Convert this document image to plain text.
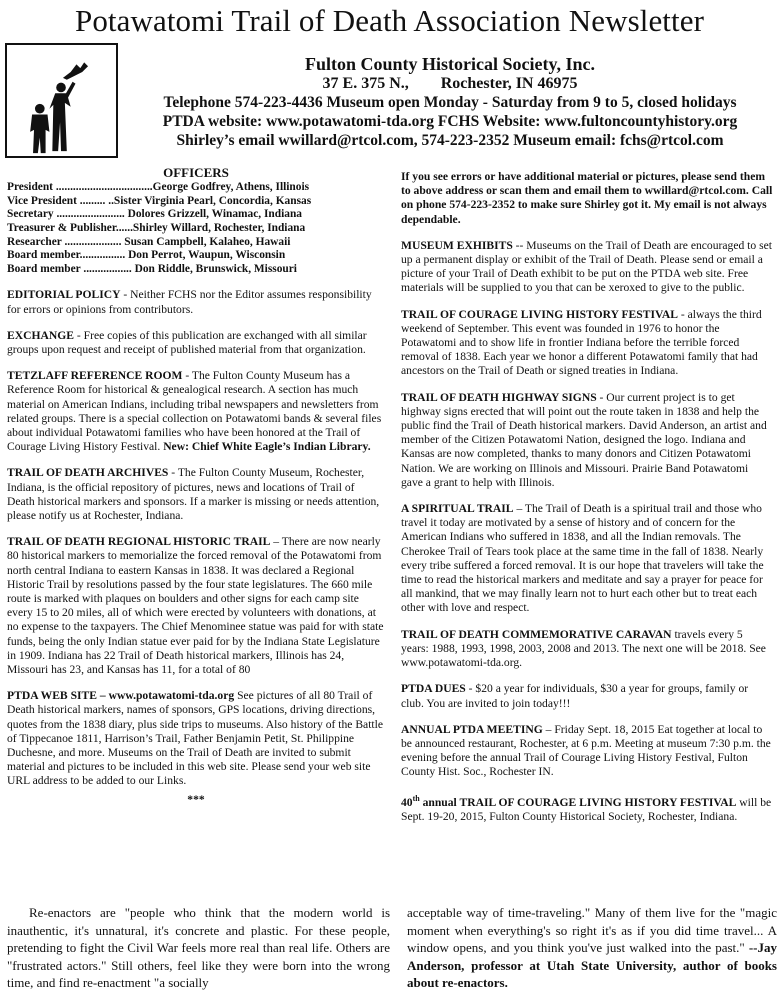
Potawatomi Trail of Death Association Newsletter
Fulton County Historical Society, Inc.
37 E. 375 N.,        Rochester, IN 46975
Telephone 574-223-4436 Museum open Monday - Saturday from 9 to 5, closed holidays
PTDA website: www.potawatomi-tda.org FCHS Website: www.fultoncountyhistory.org
Shirley’s email wwillard@rtcol.com, 574-223-2352 Museum email: fchs@rtcol.com
OFFICERS
President ..................................George Godfrey, Athens, Illinois
Vice President ......... ..Sister Virginia Pearl, Concordia, Kansas
Secretary ........................ Dolores Grizzell, Winamac, Indiana
Treasurer & Publisher......Shirley Willard, Rochester, Indiana
Researcher .................... Susan Campbell, Kalaheo, Hawaii
Board member................ Don Perrot, Waupun, Wisconsin
Board member ................. Don Riddle, Brunswick, Missouri
EDITORIAL POLICY - Neither FCHS nor the Editor assumes responsibility for errors or opinions from contributors.
EXCHANGE - Free copies of this publication are exchanged with all similar groups upon request and receipt of published material from that organization.
TETZLAFF REFERENCE ROOM - The Fulton County Museum has a Reference Room for historical & genealogical research. A section has much material on American Indians, including tribal newspapers and newsletters from related groups. There is a special collection on Potawatomi bands & several files about individual Potawatomi families who have been honored at the Trail of Courage Living History Festival. New: Chief White Eagle’s Indian Library.
TRAIL OF DEATH ARCHIVES - The Fulton County Museum, Rochester, Indiana, is the official repository of pictures, news and locations of Trail of Death historical markers and sponsors. If a marker is missing or needs attention, please notify us at Rochester, Indiana.
TRAIL OF DEATH REGIONAL HISTORIC TRAIL – There are now nearly 80 historical markers to memorialize the forced removal of the Potawatomi from north central Indiana to eastern Kansas in 1838. It was declared a Regional Historic Trail by resolutions passed by the four state legislatures. The 660 mile route is marked with plaques on boulders and other signs for each camp site every 15 to 20 miles, all of which were erected by volunteers with donations, at no expense to the taxpayers. The Chief Menominee statue was paid for with state funds, being the only Indian statue ever paid for by the Indiana State Legislature in 1909. Indiana has 22 Trail of Death historical markers, Illinois has 24, Missouri has 23, and Kansas has 11, for a total of 80
PTDA WEB SITE – www.potawatomi-tda.org See pictures of all 80 Trail of Death historical markers, names of sponsors, GPS locations, driving directions, quotes from the 1838 diary, plus side trips to museums. Also history of the Battle of Tippecanoe 1811, Harrison’s Trail, Father Benjamin Petit, St. Philippine Duchesne, and more. Museums on the Trail of Death are invited to submit material and pictures to be included in this web site. Please send your web site URL address to be added to our Links.
***
If you see errors or have additional material or pictures, please send them to above address or scan them and email them to wwillard@rtcol.com. Call on phone 574-223-2352 to make sure Shirley got it. My email is not always dependable.
MUSEUM EXHIBITS -- Museums on the Trail of Death are encouraged to set up a permanent display or exhibit of the Trail of Death. Please send or email a picture of your Trail of Death exhibit to be put on the PTDA web site. Free materials will be supplied to you that can be xeroxed to give to the public.
TRAIL OF COURAGE LIVING HISTORY FESTIVAL - always the third weekend of September. This event was founded in 1976 to honor the Potawatomi and to show life in frontier Indiana before the terrible forced removal of 1838. Each year we honor a different Potawatomi family that had ancestors on the Trail of Death or signed treaties in Indiana.
TRAIL OF DEATH HIGHWAY SIGNS - Our current project is to get highway signs erected that will point out the route taken in 1838 and help the public find the Trail of Death historical markers. David Anderson, an artist and member of the Citizen Potawatomi Nation, designed the logo. Indiana and Kansas are now completed, thanks to many donors and Citizen Potawatomi Nation. We are working on Illinois and Missouri. Prairie Band Potawatomi gave a grant to help with Illinois.
A SPIRITUAL TRAIL – The Trail of Death is a spiritual trail and those who travel it today are motivated by a sense of history and of concern for the American Indians who suffered in 1838, and all the Indian removals. The Cherokee Trail of Tears took place at the same time in the fall of 1838. Nearly every tribe suffered a forced removal. It is our hope that travelers will take the time to read the historical markers and meditate and say a prayer for peace for all mankind, that we may finally learn not to hurt each other but to treat each other with love and respect.
TRAIL OF DEATH COMMEMORATIVE CARAVAN travels every 5 years: 1988, 1993, 1998, 2003, 2008 and 2013. The next one will be 2018. See www.potawatomi-tda.org.
PTDA DUES - $20 a year for individuals, $30 a year for groups, family or club. You are invited to join today!!!
ANNUAL PTDA MEETING – Friday Sept. 18, 2015 Eat together at local to be announced restaurant, Rochester, at 6 p.m. Meeting at museum 7:30 p.m. the evening before the annual Trail of Courage Living History Festival, Fulton County Hist. Soc., Rochester IN.
40th annual TRAIL OF COURAGE LIVING HISTORY FESTIVAL will be Sept. 19-20, 2015, Fulton County Historical Society, Rochester, Indiana.
Re-enactors are "people who think that the modern world is inauthentic, it's unnatural, it's concrete and plastic. For these people, pretending to fight the Civil War feels more real than real life. Others are "frustrated actors." Still others, feel like they were born into the wrong time, and find re-enactment "a socially
acceptable way of time-traveling." Many of them live for the "magic moment when everything's so right it's as if you did time travel... A window opens, and you think you've just walked into the past." --Jay Anderson, professor at Utah State University, author of books about re-enactors.
